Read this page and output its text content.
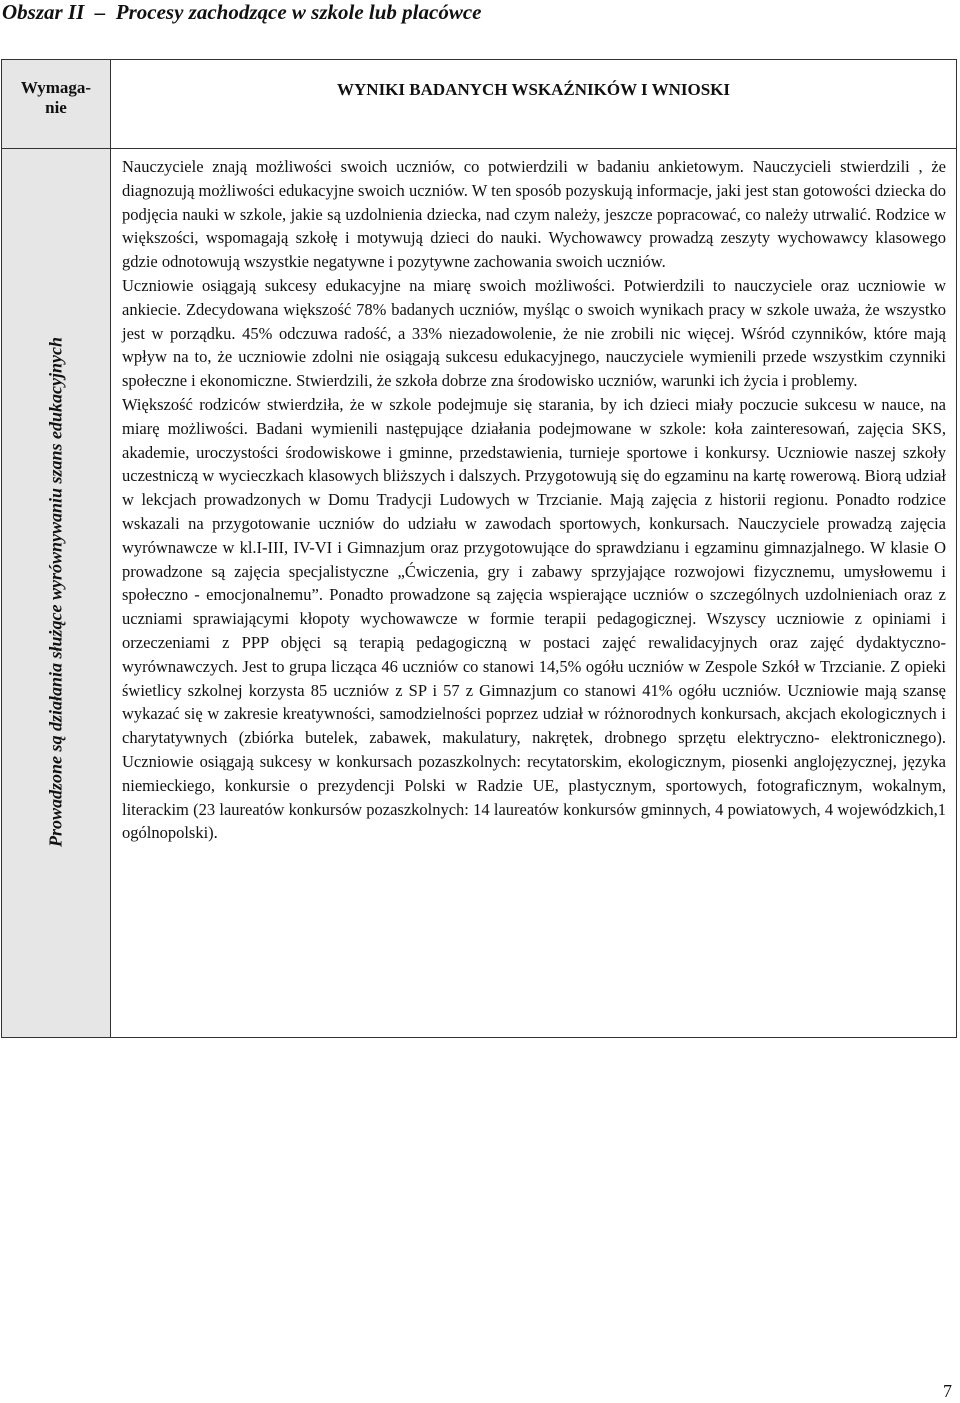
Obszar II  –  Procesy zachodzące w szkole lub placówce
Wymaga-
nie	WYNIKI BADANYCH WSKAŹNIKÓW I WNIOSKI

Prowadzone są działania służące wyrównywaniu szans edukacyjnych	Nauczyciele znają możliwości swoich uczniów, co potwierdzili w badaniu ankietowym. Nauczycieli stwierdzili , że diagnozują możliwości edukacyjne swoich uczniów. W ten sposób pozyskują informacje, jaki jest stan gotowości dziecka do podjęcia nauki w szkole, jakie są uzdolnienia dziecka, nad czym należy, jeszcze popracować, co należy utrwalić. Rodzice w większości, wspomagają szkołę i motywują dzieci do nauki. Wychowawcy prowadzą zeszyty wychowawcy klasowego gdzie odnotowują wszystkie negatywne i pozytywne zachowania swoich uczniów.

Uczniowie osiągają sukcesy edukacyjne na miarę swoich możliwości. Potwierdzili to nauczyciele oraz uczniowie w ankiecie. Zdecydowana większość 78% badanych uczniów, myśląc o swoich wynikach pracy w szkole uważa, że wszystko jest w porządku. 45% odczuwa radość, a 33% niezadowolenie, że nie zrobili nic więcej. Wśród czynników, które mają wpływ na to, że uczniowie zdolni nie osiągają sukcesu edukacyjnego, nauczyciele wymienili przede wszystkim czynniki społeczne i ekonomiczne. Stwierdzili, że szkoła dobrze zna środowisko uczniów, warunki ich życia i problemy.

Większość rodziców stwierdziła, że w szkole podejmuje się starania, by ich dzieci miały poczucie sukcesu w nauce, na miarę możliwości. Badani wymienili następujące działania podejmowane w szkole: koła zainteresowań, zajęcia SKS, akademie, uroczystości środowiskowe i gminne, przedstawienia, turnieje sportowe i konkursy. Uczniowie naszej szkoły uczestniczą w wycieczkach klasowych bliższych i dalszych. Przygotowują się do egzaminu na kartę rowerową. Biorą udział w lekcjach prowadzonych w Domu Tradycji Ludowych w Trzcianie. Mają zajęcia z historii regionu. Ponadto rodzice wskazali na przygotowanie uczniów do udziału w zawodach sportowych, konkursach. Nauczyciele prowadzą zajęcia wyrównawcze w kl.I-III, IV-VI i Gimnazjum oraz przygotowujące do sprawdzianu i egzaminu gimnazjalnego. W klasie O prowadzone są zajęcia specjalistyczne „Ćwiczenia, gry i zabawy sprzyjające rozwojowi fizycznemu, umysłowemu i społeczno - emocjonalnemu”. Ponadto prowadzone są zajęcia wspierające uczniów o szczególnych uzdolnieniach oraz z uczniami sprawiającymi kłopoty wychowawcze w formie terapii pedagogicznej. Wszyscy uczniowie z opiniami i orzeczeniami z PPP objęci są terapią pedagogiczną w postaci zajęć rewalidacyjnych oraz zajęć dydaktyczno- wyrównawczych. Jest to grupa licząca 46 uczniów co stanowi 14,5% ogółu uczniów w Zespole Szkół w Trzcianie. Z opieki świetlicy szkolnej korzysta 85 uczniów z SP i 57 z Gimnazjum co stanowi 41% ogółu uczniów. Uczniowie mają szansę wykazać się w zakresie kreatywności, samodzielności poprzez udział w różnorodnych konkursach, akcjach ekologicznych i charytatywnych (zbiórka butelek, zabawek, makulatury, nakrętek, drobnego sprzętu elektryczno- elektronicznego). Uczniowie osiągają sukcesy w konkursach pozaszkolnych: recytatorskim, ekologicznym, piosenki anglojęzycznej, języka niemieckiego, konkursie o prezydencji Polski w Radzie UE, plastycznym, sportowych, fotograficznym, wokalnym, literackim (23 laureatów konkursów pozaszkolnych: 14 laureatów konkursów gminnych, 4 powiatowych, 4 wojewódzkich,1 ogólnopolski).

7
